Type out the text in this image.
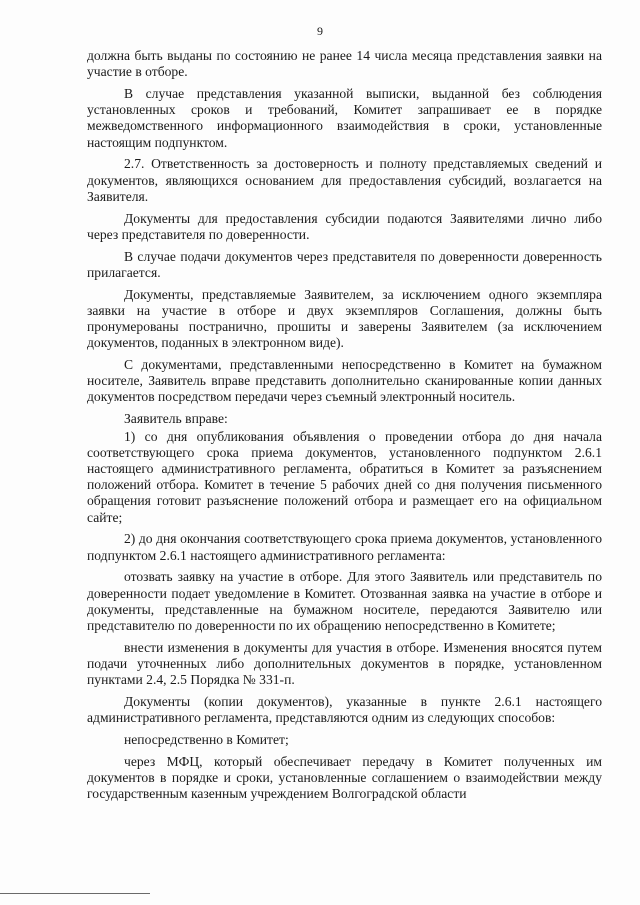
9

должна быть выданы по состоянию не ранее 14 числа месяца представления заявки на участие в отборе.

В случае представления указанной выписки, выданной без соблюдения установленных сроков и требований, Комитет запрашивает ее в порядке межведомственного информационного взаимодействия в сроки, установленные настоящим подпунктом.

2.7. Ответственность за достоверность и полноту представляемых сведений и документов, являющихся основанием для предоставления субсидий, возлагается на Заявителя.

Документы для предоставления субсидии подаются Заявителями лично либо через представителя по доверенности.

В случае подачи документов через представителя по доверенности доверенность прилагается.

Документы, представляемые Заявителем, за исключением одного экземпляра заявки на участие в отборе и двух экземпляров Соглашения, должны быть пронумерованы постранично, прошиты и заверены Заявителем (за исключением документов, поданных в электронном виде).

С документами, представленными непосредственно в Комитет на бумажном носителе, Заявитель вправе представить дополнительно сканированные копии данных документов посредством передачи через съемный электронный носитель.

Заявитель вправе:

1) со дня опубликования объявления о проведении отбора до дня начала соответствующего срока приема документов, установленного подпунктом 2.6.1 настоящего административного регламента, обратиться в Комитет за разъяснением положений отбора. Комитет в течение 5 рабочих дней со дня получения письменного обращения готовит разъяснение положений отбора и размещает его на официальном сайте;

2) до дня окончания соответствующего срока приема документов, установленного подпунктом 2.6.1 настоящего административного регламента:

отозвать заявку на участие в отборе. Для этого Заявитель или представитель по доверенности подает уведомление в Комитет. Отозванная заявка на участие в отборе и документы, представленные на бумажном носителе, передаются Заявителю или представителю по доверенности по их обращению непосредственно в Комитете;

внести изменения в документы для участия в отборе. Изменения вносятся путем подачи уточненных либо дополнительных документов в порядке, установленном пунктами 2.4, 2.5 Порядка № 331-п.

Документы (копии документов), указанные в пункте 2.6.1 настоящего административного регламента, представляются одним из следующих способов:

непосредственно в Комитет;

через МФЦ, который обеспечивает передачу в Комитет полученных им документов в порядке и сроки, установленные соглашением о взаимодействии между государственным казенным учреждением Волгоградской области
